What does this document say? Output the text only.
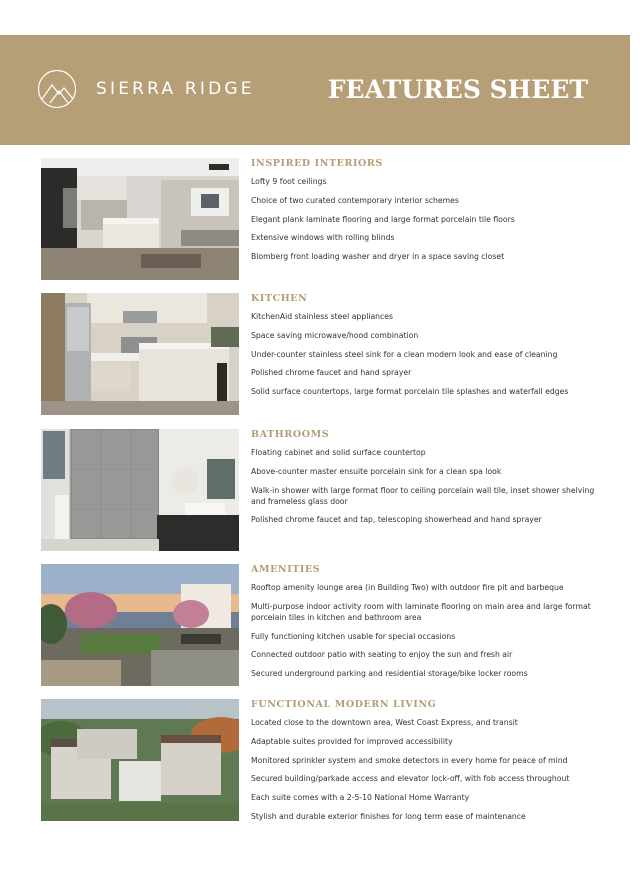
SIERRA RIDGE	FEATURES SHEET
INSPIRED INTERIORS
Lofty 9 foot ceilings
Choice of two curated contemporary interior schemes
Elegant plank laminate flooring and large format porcelain tile floors
Extensive windows with rolling blinds
Blomberg front loading washer and dryer in a space saving closet
KITCHEN
KitchenAid stainless steel appliances
Space saving microwave/hood combination
Under-counter stainless steel sink for a clean modern look and ease of cleaning
Polished chrome faucet and hand sprayer
Solid surface countertops, large format porcelain tile splashes and waterfall edges
BATHROOMS
Floating cabinet and solid surface countertop
Above-counter master ensuite porcelain sink for a clean spa look
Walk-in shower with large format floor to ceiling porcelain wall tile, inset shower shelving and frameless glass door
Polished chrome faucet and tap, telescoping showerhead and hand sprayer
AMENITIES
Rooftop amenity lounge area (in Building Two) with outdoor fire pit and barbeque
Multi-purpose indoor activity room with laminate flooring on main area and large format porcelain tiles in kitchen and bathroom area
Fully functioning kitchen usable for special occasions
Connected outdoor patio with seating to enjoy the sun and fresh air
Secured underground parking and residential storage/bike locker rooms
FUNCTIONAL MODERN LIVING
Located close to the downtown area, West Coast Express, and transit
Adaptable suites provided for improved accessibility
Monitored sprinkler system and smoke detectors in every home for peace of mind
Secured building/parkade access and elevator lock-off, with fob access throughout
Each suite comes with a 2-5-10 National Home Warranty
Stylish and durable exterior finishes for long term ease of maintenance
